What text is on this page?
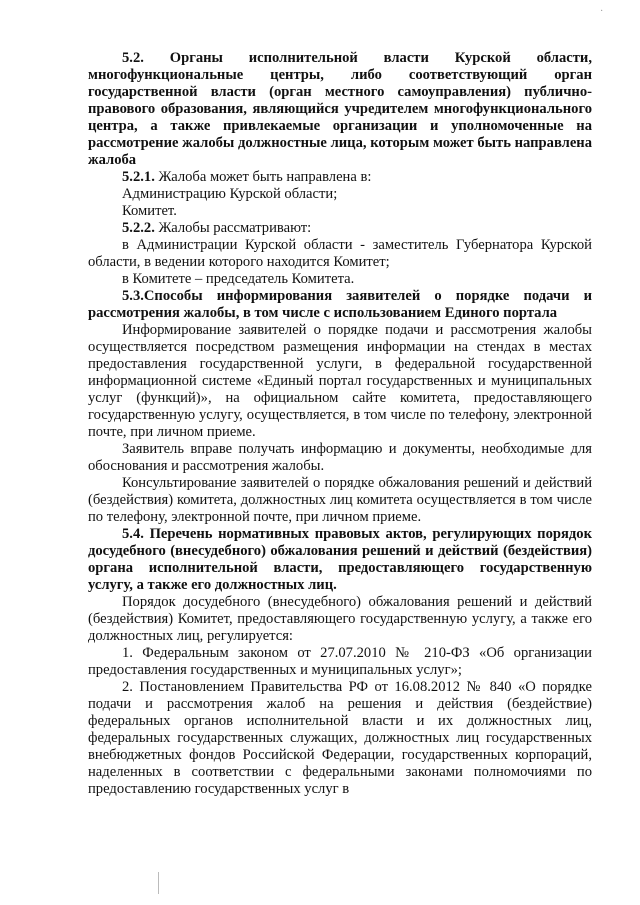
·

5.2. Органы исполнительной власти Курской области, многофункциональные центры, либо соответствующий орган государственной власти (орган местного самоуправления) публично-правового образования, являющийся учредителем многофункционального центра, а также привлекаемые организации и уполномоченные на рассмотрение жалобы должностные лица, которым может быть направлена жалоба

5.2.1. Жалоба может быть направлена в:

Администрацию Курской области;

Комитет.

5.2.2. Жалобы рассматривают:

в Администрации Курской области - заместитель Губернатора Курской области, в ведении которого находится Комитет;

в Комитете – председатель Комитета.

5.3.Способы информирования заявителей о порядке подачи и рассмотрения жалобы, в том числе с использованием Единого портала

Информирование заявителей о порядке подачи и рассмотрения жалобы осуществляется посредством размещения информации на стендах в местах предоставления государственной услуги, в федеральной государственной информационной системе «Единый портал государственных и муниципальных услуг (функций)», на официальном сайте комитета, предоставляющего государственную услугу, осуществляется, в том числе по телефону, электронной почте, при личном приеме.

Заявитель вправе получать информацию и документы, необходимые для обоснования и рассмотрения жалобы.

Консультирование заявителей о порядке обжалования решений и действий (бездействия) комитета, должностных лиц комитета осуществляется в том числе по телефону, электронной почте, при личном приеме.

5.4. Перечень нормативных правовых актов, регулирующих порядок досудебного (внесудебного) обжалования решений и действий (бездействия) органа исполнительной власти, предоставляющего государственную услугу, а также его должностных лиц.

Порядок досудебного (внесудебного) обжалования решений и действий (бездействия) Комитет, предоставляющего государственную услугу, а также его должностных лиц, регулируется:

1. Федеральным законом от 27.07.2010 № 210-ФЗ «Об организации предоставления государственных и муниципальных услуг»;

2. Постановлением Правительства РФ от 16.08.2012 № 840 «О порядке подачи и рассмотрения жалоб на решения и действия (бездействие) федеральных органов исполнительной власти и их должностных лиц, федеральных государственных служащих, должностных лиц государственных внебюджетных фондов Российской Федерации, государственных корпораций, наделенных в соответствии с федеральными законами полномочиями по предоставлению государственных услуг в
